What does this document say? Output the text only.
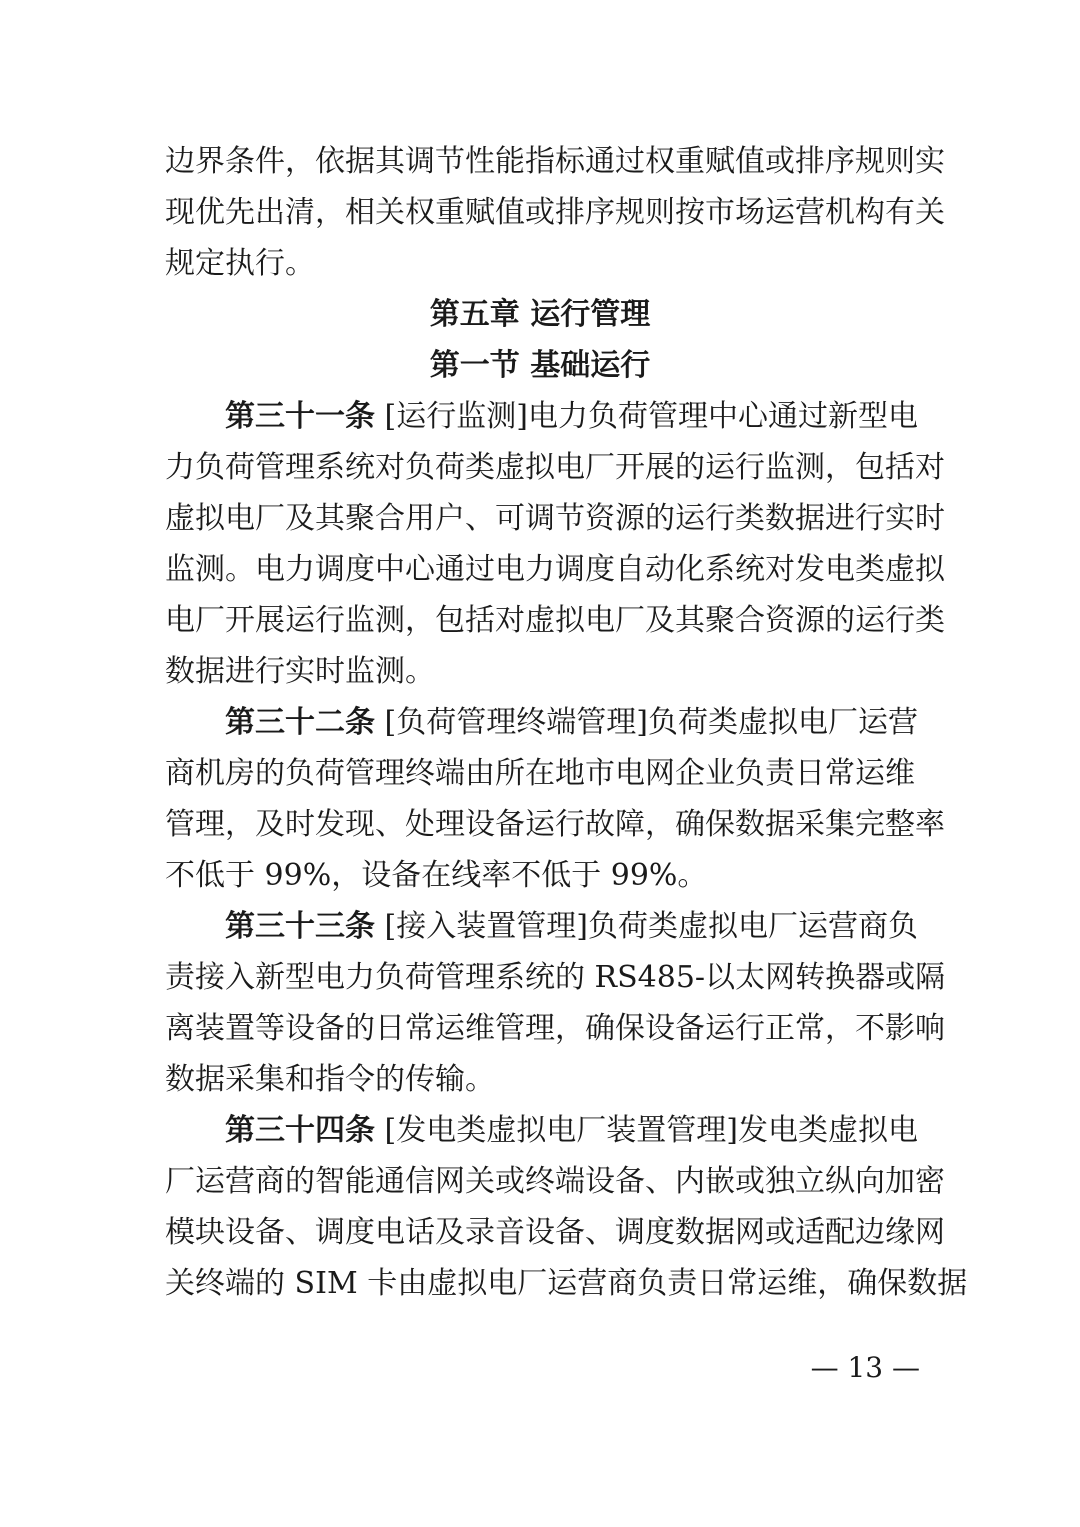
边界条件，依据其调节性能指标通过权重赋值或排序规则实
现优先出清，相关权重赋值或排序规则按市场运营机构有关
规定执行。
第五章 运行管理
第一节 基础运行
第三十一条 [运行监测]电力负荷管理中心通过新型电
力负荷管理系统对负荷类虚拟电厂开展的运行监测，包括对
虚拟电厂及其聚合用户、可调节资源的运行类数据进行实时
监测。电力调度中心通过电力调度自动化系统对发电类虚拟
电厂开展运行监测，包括对虚拟电厂及其聚合资源的运行类
数据进行实时监测。
第三十二条 [负荷管理终端管理]负荷类虚拟电厂运营
商机房的负荷管理终端由所在地市电网企业负责日常运维
管理，及时发现、处理设备运行故障，确保数据采集完整率
不低于 99%，设备在线率不低于 99%。
第三十三条 [接入装置管理]负荷类虚拟电厂运营商负
责接入新型电力负荷管理系统的 RS485-以太网转换器或隔
离装置等设备的日常运维管理，确保设备运行正常，不影响
数据采集和指令的传输。
第三十四条 [发电类虚拟电厂装置管理]发电类虚拟电
厂运营商的智能通信网关或终端设备、内嵌或独立纵向加密
模块设备、调度电话及录音设备、调度数据网或适配边缘网
关终端的 SIM 卡由虚拟电厂运营商负责日常运维，确保数据
— 13 —
